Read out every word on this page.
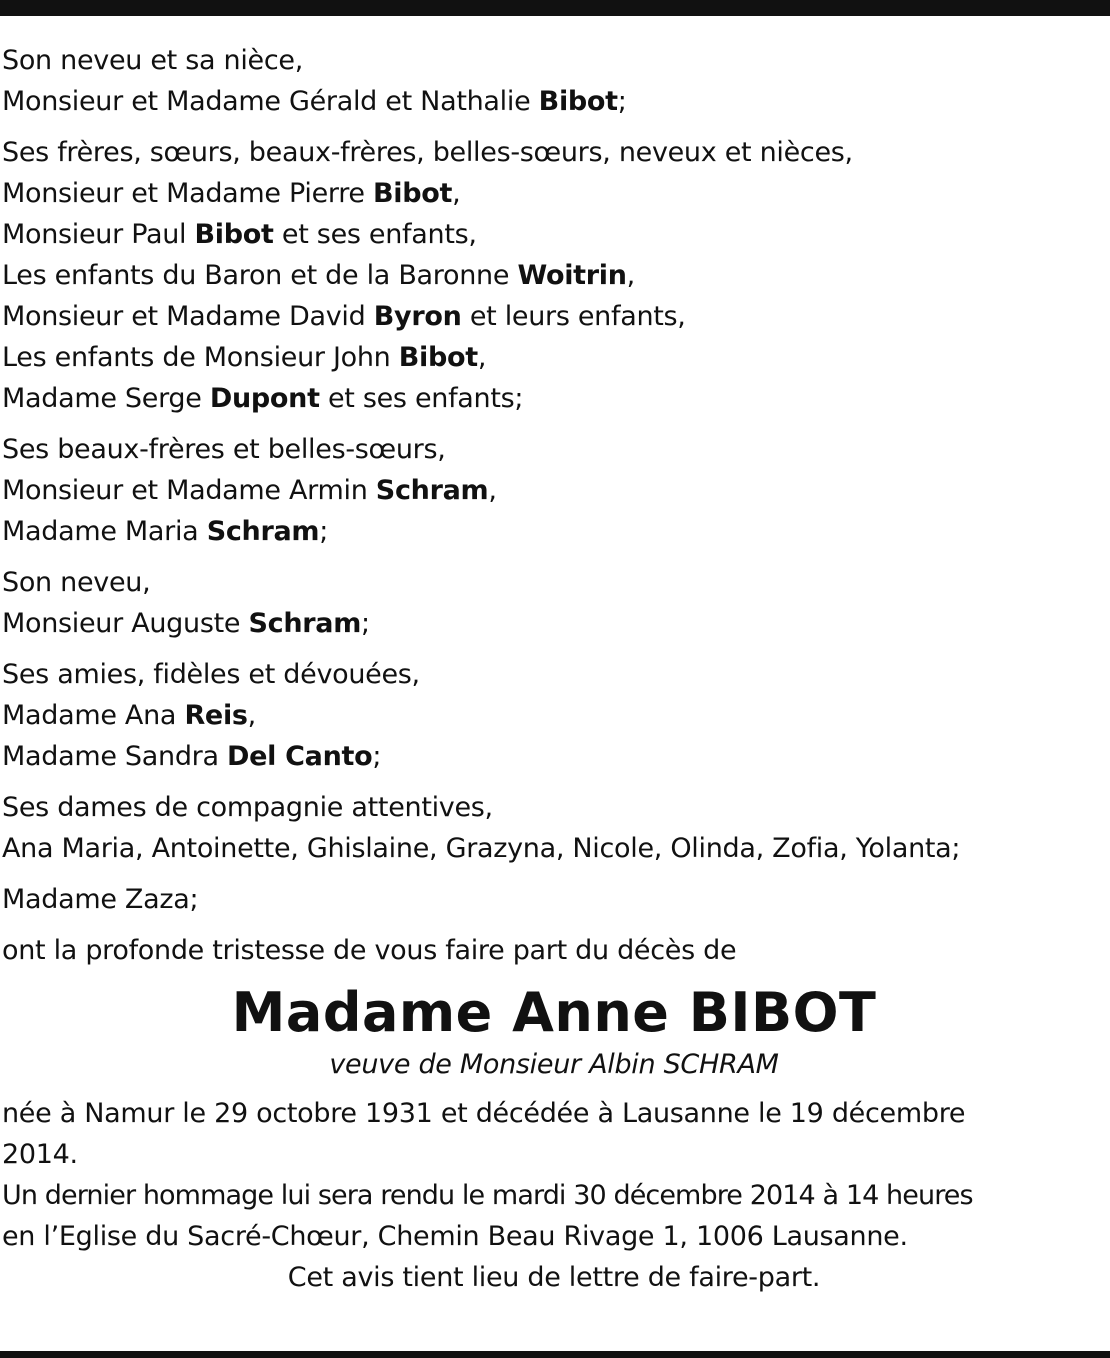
Son neveu et sa nièce,
Monsieur et Madame Gérald et Nathalie Bibot;
Ses frères, sœurs, beaux-frères, belles-sœurs, neveux et nièces,
Monsieur et Madame Pierre Bibot,
Monsieur Paul Bibot et ses enfants,
Les enfants du Baron et de la Baronne Woitrin,
Monsieur et Madame David Byron et leurs enfants,
Les enfants de Monsieur John Bibot,
Madame Serge Dupont et ses enfants;
Ses beaux-frères et belles-sœurs,
Monsieur et Madame Armin Schram,
Madame Maria Schram;
Son neveu,
Monsieur Auguste Schram;
Ses amies, fidèles et dévouées,
Madame Ana Reis,
Madame Sandra Del Canto;
Ses dames de compagnie attentives,
Ana Maria, Antoinette, Ghislaine, Grazyna, Nicole, Olinda, Zofia, Yolanta;
Madame Zaza;
ont la profonde tristesse de vous faire part du décès de
Madame Anne BIBOT
veuve de Monsieur Albin SCHRAM
née à Namur le 29 octobre 1931 et décédée à Lausanne le 19 décembre
2014.
Un dernier hommage lui sera rendu le mardi 30 décembre 2014 à 14 heures
en l’Eglise du Sacré-Chœur, Chemin Beau Rivage 1, 1006 Lausanne.
Cet avis tient lieu de lettre de faire-part.
